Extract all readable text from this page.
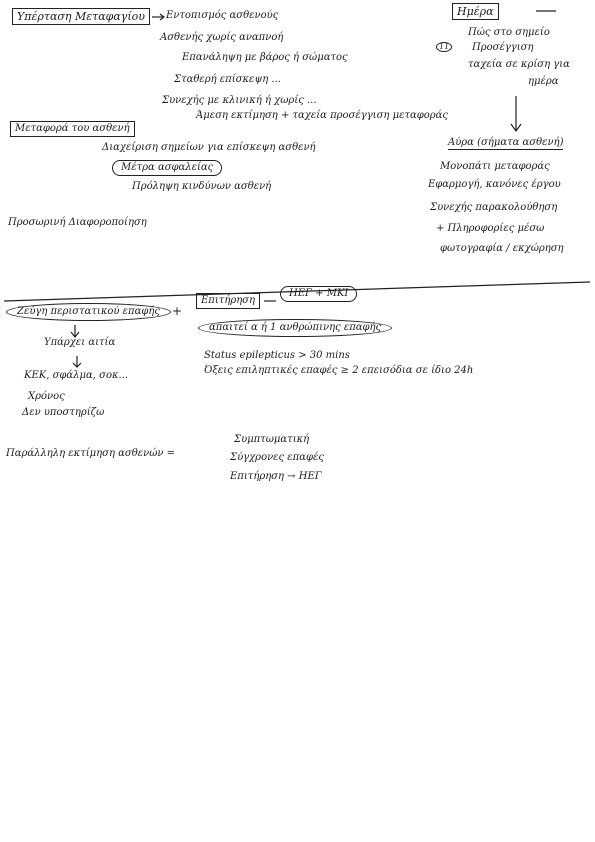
Υπέρταση Μεταφαγίου	Εντοπισμός ασθενούς
Ασθενής χωρίς αναπνοή
Επανάληψη με βάρος ή σώματος
Σταθερή επίσκεψη ...
Συνεχής με κλινική ή χωρίς ...
Άμεση εκτίμηση + ταχεία προσέγγιση μεταφοράς
Ημέρα
11
Πώς στο σημείο
Προσέγγιση
ταχεία σε κρίση για
ημέρα
Μεταφορά του ασθενή
Διαχείριση σημείων για επίσκεψη ασθενή
Μέτρα ασφαλείας
Πρόληψη κινδύνων ασθενή
Προσωρινή Διαφοροποίηση
Αύρα (σήματα ασθενή)
Μονοπάτι μεταφοράς
Εφαρμογή, κανόνες έργου
Συνεχής παρακολούθηση
+ Πληροφορίες μέσω
φωτογραφία / εκχώρηση
Ζεύγη περιστατικού επαφής	+
Επιτήρηση
ΗΕΓ + ΜΚΙ
Υπάρχει αιτία
ΚΕΚ, σφάλμα, σοκ...
Χρόνος
Δεν υποστηρίζω
απαιτεί α ή 1 ανθρώπινης επαφής
Status epilepticus > 30 mins
Όξεις επιληπτικές επαφές ≥ 2 επεισόδια σε ίδιο 24h
Παράλληλη εκτίμηση ασθενών =
Συμπτωματική
Σύγχρονες επαφές
Επιτήρηση → ΗΕΓ
